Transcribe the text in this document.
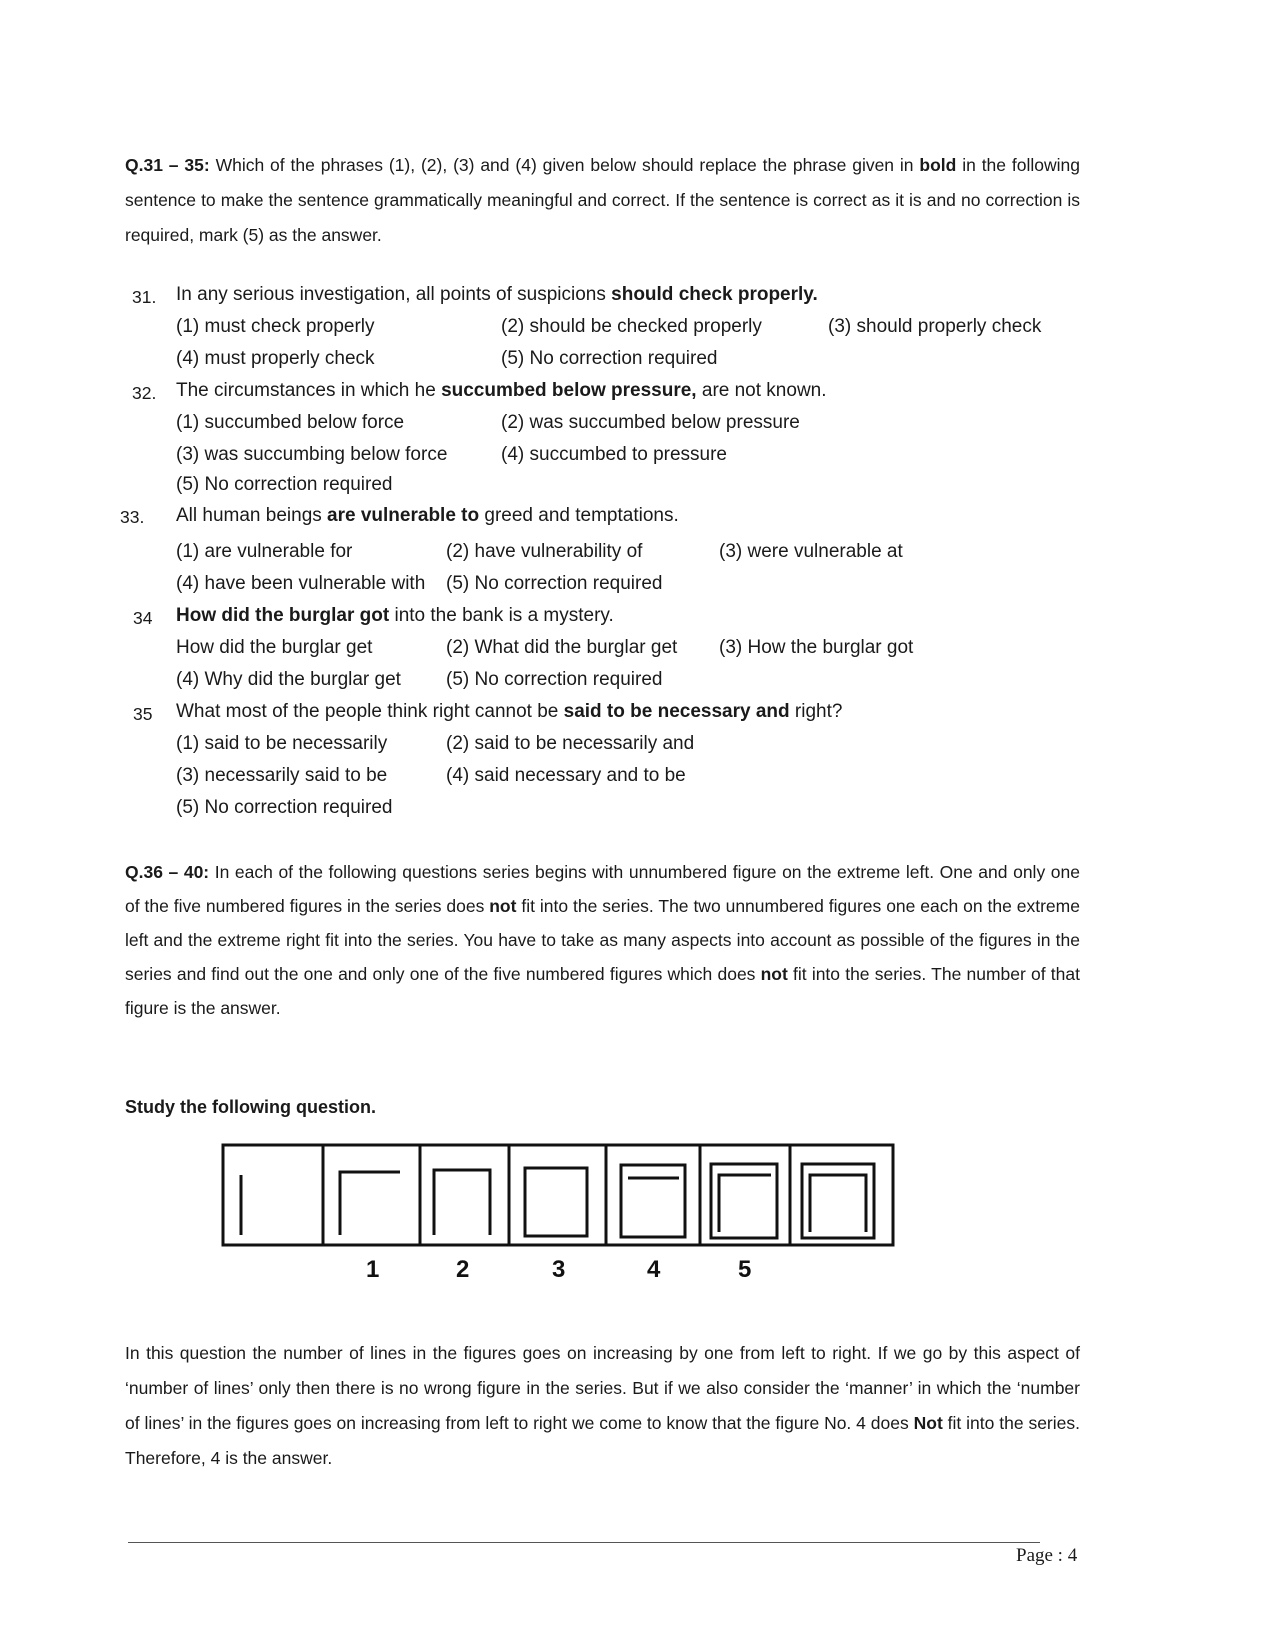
Q.31 – 35: Which of the phrases (1), (2), (3) and (4) given below should replace the phrase given in bold in the following sentence to make the sentence grammatically meaningful and correct. If the sentence is correct as it is and no correction is required, mark (5) as the answer.
31. In any serious investigation, all points of suspicions should check properly.
(1) must check properly	(2) should be checked properly	(3) should properly check
(4) must properly check	(5) No correction required
32. The circumstances in which he succumbed below pressure, are not known.
(1) succumbed below force	(2) was succumbed below pressure
(3) was succumbing below force	(4) succumbed to pressure
(5) No correction required
33. All human beings are vulnerable to greed and temptations.
(1) are vulnerable for	(2) have vulnerability of	(3) were vulnerable at
(4) have been vulnerable with (5) No correction required
34 How did the burglar got into the bank is a mystery.
How did the burglar get	(2) What did the burglar get (3) How the burglar got
(4) Why did the burglar get (5) No correction required
35 What most of the people think right cannot be said to be necessary and right?
(1) said to be necessarily	(2) said to be necessarily and
(3) necessarily said to be	(4) said necessary and to be
(5) No correction required
Q.36 – 40: In each of the following questions series begins with unnumbered figure on the extreme left. One and only one of the five numbered figures in the series does not fit into the series. The two unnumbered figures one each on the extreme left and the extreme right fit into the series. You have to take as many aspects into account as possible of the figures in the series and find out the one and only one of the five numbered figures which does not fit into the series. The number of that figure is the answer.
Study the following question.
1	2	3	4	5
In this question the number of lines in the figures goes on increasing by one from left to right. If we go by this aspect of ‘number of lines’ only then there is no wrong figure in the series. But if we also consider the ‘manner’ in which the ‘number of lines’ in the figures goes on increasing from left to right we come to know that the figure No. 4 does Not fit into the series. Therefore, 4 is the answer.
Page : 4
